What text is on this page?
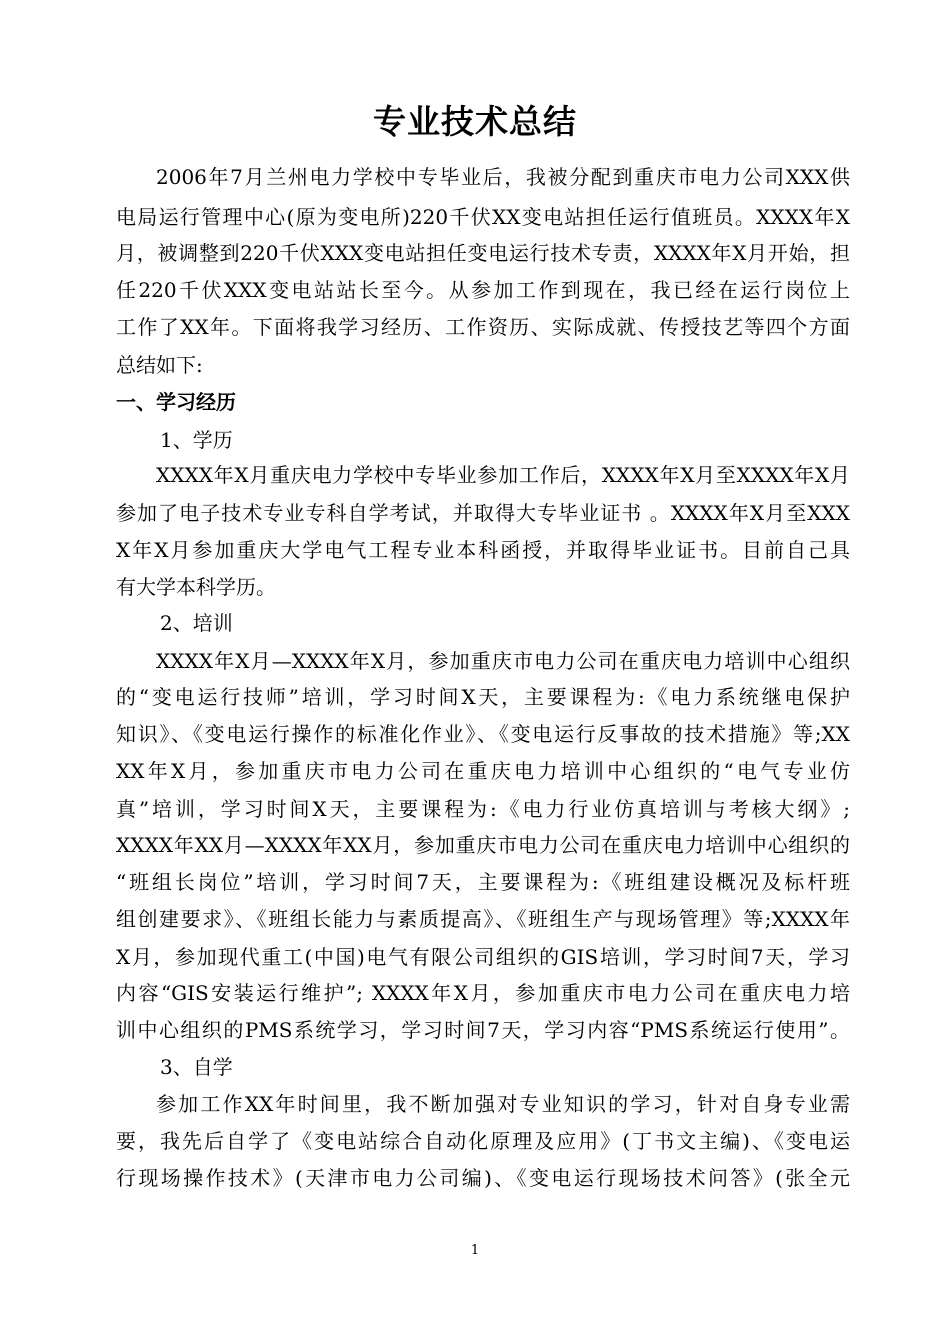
专业技术总结
2006年7月兰州电力学校中专毕业后，我被分配到重庆市电力公司XXX供
电局运行管理中心(原为变电所)220千伏XX变电站担任运行值班员。XXXX年X
月，被调整到220千伏XXX变电站担任变电运行技术专责，XXXX年X月开始，担
任220千伏XXX变电站站长至今。从参加工作到现在，我已经在运行岗位上
工作了XX年。下面将我学习经历、工作资历、实际成就、传授技艺等四个方面
总结如下:
一、学习经历
1、学历
XXXX年X月重庆电力学校中专毕业参加工作后，XXXX年X月至XXXX年X月
参加了电子技术专业专科自学考试，并取得大专毕业证书 。XXXX年X月至XXX
X年X月参加重庆大学电气工程专业本科函授，并取得毕业证书。目前自己具
有大学本科学历。
2、培训
XXXX年X月—XXXX年X月，参加重庆市电力公司在重庆电力培训中心组织
的“变电运行技师”培训，学习时间X天，主要课程为:《电力系统继电保护
知识》、《变电运行操作的标准化作业》、《变电运行反事故的技术措施》等;XX
XX年X月，参加重庆市电力公司在重庆电力培训中心组织的“电气专业仿
真”培训，学习时间X天，主要课程为:《电力行业仿真培训与考核大纲》;
XXXX年XX月—XXXX年XX月，参加重庆市电力公司在重庆电力培训中心组织的
“班组长岗位”培训，学习时间7天，主要课程为:《班组建设概况及标杆班
组创建要求》、《班组长能力与素质提高》、《班组生产与现场管理》等;XXXX年
X月，参加现代重工(中国)电气有限公司组织的GIS培训，学习时间7天，学习
内容“GIS安装运行维护”; XXXX年X月，参加重庆市电力公司在重庆电力培
训中心组织的PMS系统学习，学习时间7天，学习内容“PMS系统运行使用”。
3、自学
参加工作XX年时间里，我不断加强对专业知识的学习，针对自身专业需
要，我先后自学了《变电站综合自动化原理及应用》(丁书文主编)、《变电运
行现场操作技术》(天津市电力公司编)、《变电运行现场技术问答》(张全元
1
